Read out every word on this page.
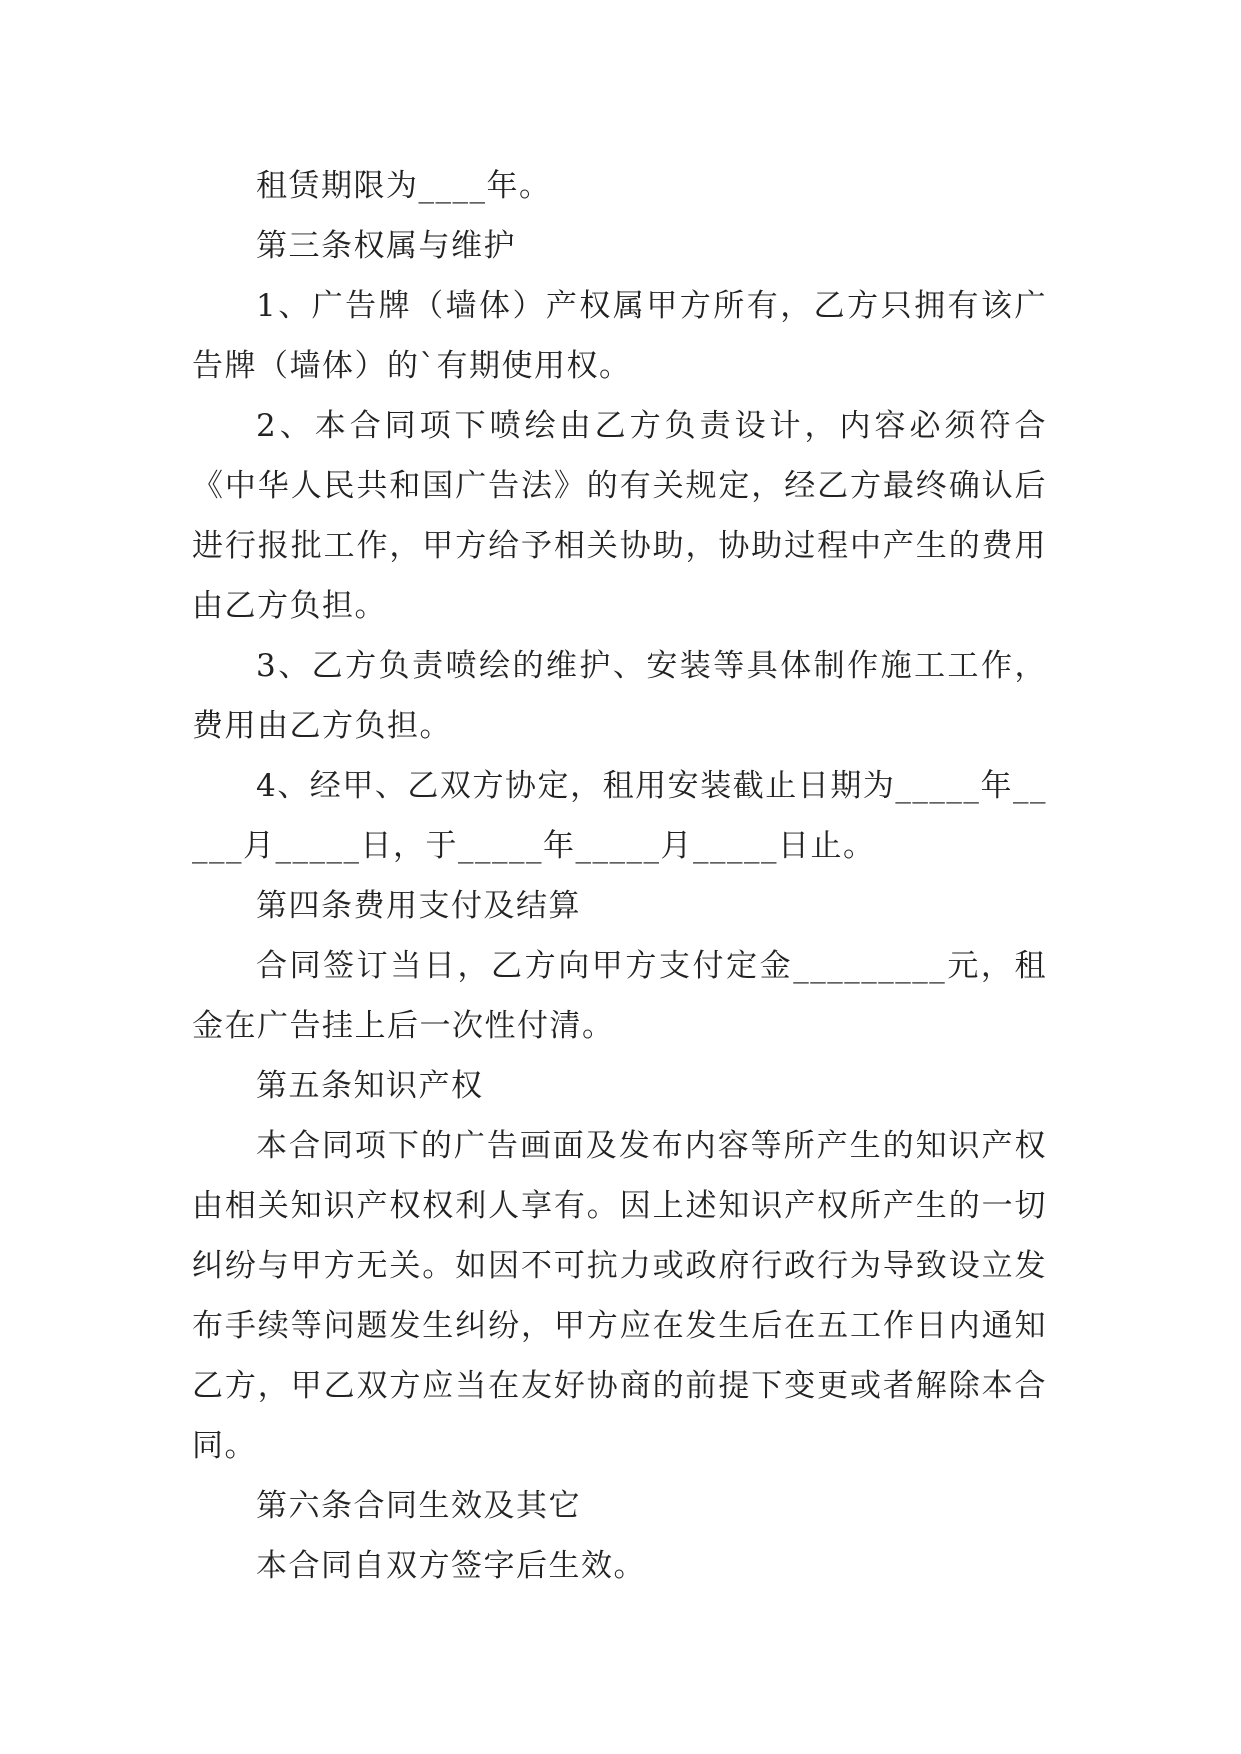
租赁期限为____年。

第三条权属与维护

1、广告牌（墙体）产权属甲方所有，乙方只拥有该广告牌（墙体）的`有期使用权。

2、本合同项下喷绘由乙方负责设计，内容必须符合《中华人民共和国广告法》的有关规定，经乙方最终确认后进行报批工作，甲方给予相关协助，协助过程中产生的费用由乙方负担。

3、乙方负责喷绘的维护、安装等具体制作施工工作，费用由乙方负担。

4、经甲、乙双方协定，租用安装截止日期为_____年_____月_____日，于_____年_____月_____日止。

第四条费用支付及结算

合同签订当日，乙方向甲方支付定金_________元，租金在广告挂上后一次性付清。

第五条知识产权

本合同项下的广告画面及发布内容等所产生的知识产权由相关知识产权权利人享有。因上述知识产权所产生的一切纠纷与甲方无关。如因不可抗力或政府行政行为导致设立发布手续等问题发生纠纷，甲方应在发生后在五工作日内通知乙方，甲乙双方应当在友好协商的前提下变更或者解除本合同。

第六条合同生效及其它

本合同自双方签字后生效。
